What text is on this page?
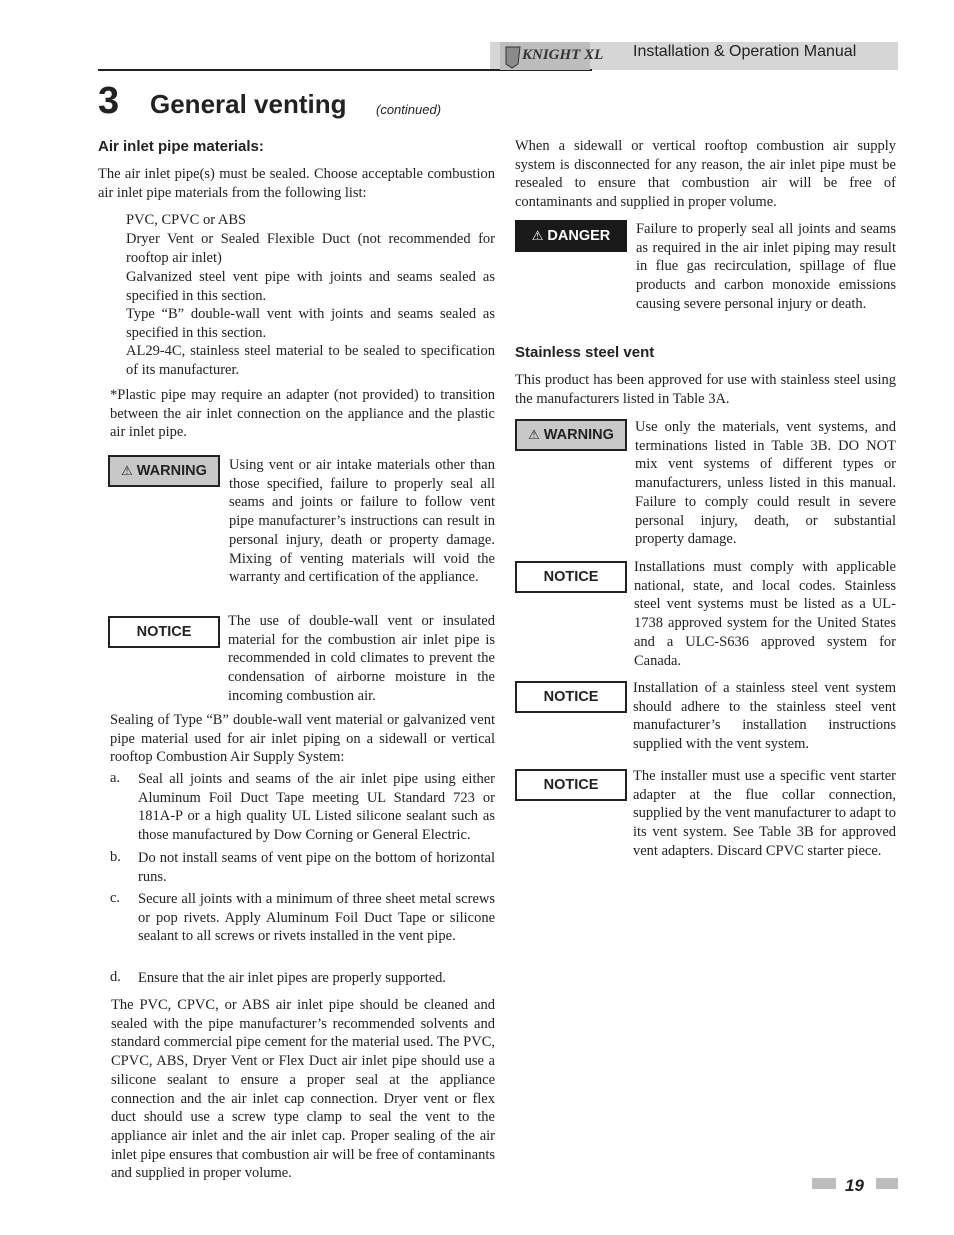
KNIGHT XL Installation & Operation Manual
3 General venting (continued)
Air inlet pipe materials:
The air inlet pipe(s) must be sealed. Choose acceptable combustion air inlet pipe materials from the following list:
PVC, CPVC or ABS
Dryer Vent or Sealed Flexible Duct (not recommended for rooftop air inlet)
Galvanized steel vent pipe with joints and seams sealed as specified in this section.
Type “B” double-wall vent with joints and seams sealed as specified in this section.
AL29-4C, stainless steel material to be sealed to specification of its manufacturer.
*Plastic pipe may require an adapter (not provided) to transition between the air inlet connection on the appliance and the plastic air inlet pipe.
⚠ WARNING Using vent or air intake materials other than those specified, failure to properly seal all seams and joints or failure to follow vent pipe manufacturer’s instructions can result in personal injury, death or property damage. Mixing of venting materials will void the warranty and certification of the appliance.
NOTICE
The use of double-wall vent or insulated material for the combustion air inlet pipe is recommended in cold climates to prevent the condensation of airborne moisture in the incoming combustion air.
Sealing of Type “B” double-wall vent material or galvanized vent pipe material used for air inlet piping on a sidewall or vertical rooftop Combustion Air Supply System:
a. Seal all joints and seams of the air inlet pipe using either Aluminum Foil Duct Tape meeting UL Standard 723 or 181A-P or a high quality UL Listed silicone sealant such as those manufactured by Dow Corning or General Electric.
b. Do not install seams of vent pipe on the bottom of horizontal runs.
c. Secure all joints with a minimum of three sheet metal screws or pop rivets. Apply Aluminum Foil Duct Tape or silicone sealant to all screws or rivets installed in the vent pipe.
d. Ensure that the air inlet pipes are properly supported.
The PVC, CPVC, or ABS air inlet pipe should be cleaned and sealed with the pipe manufacturer’s recommended solvents and standard commercial pipe cement for the material used. The PVC, CPVC, ABS, Dryer Vent or Flex Duct air inlet pipe should use a silicone sealant to ensure a proper seal at the appliance connection and the air inlet cap connection. Dryer vent or flex duct should use a screw type clamp to seal the vent to the appliance air inlet and the air inlet cap. Proper sealing of the air inlet pipe ensures that combustion air will be free of contaminants and supplied in proper volume.
When a sidewall or vertical rooftop combustion air supply system is disconnected for any reason, the air inlet pipe must be resealed to ensure that combustion air will be free of contaminants and supplied in proper volume.
⚠ DANGER Failure to properly seal all joints and seams as required in the air inlet piping may result in flue gas recirculation, spillage of flue products and carbon monoxide emissions causing severe personal injury or death.
Stainless steel vent
This product has been approved for use with stainless steel using the manufacturers listed in Table 3A.
⚠ WARNING Use only the materials, vent systems, and terminations listed in Table 3B. DO NOT mix vent systems of different types or manufacturers, unless listed in this manual. Failure to comply could result in severe personal injury, death, or substantial property damage.
NOTICE
Installations must comply with applicable national, state, and local codes. Stainless steel vent systems must be listed as a UL-1738 approved system for the United States and a ULC-S636 approved system for Canada.
NOTICE
Installation of a stainless steel vent system should adhere to the stainless steel vent manufacturer’s installation instructions supplied with the vent system.
NOTICE
The installer must use a specific vent starter adapter at the flue collar connection, supplied by the vent manufacturer to adapt to its vent system. See Table 3B for approved vent adapters. Discard CPVC starter piece.
19
